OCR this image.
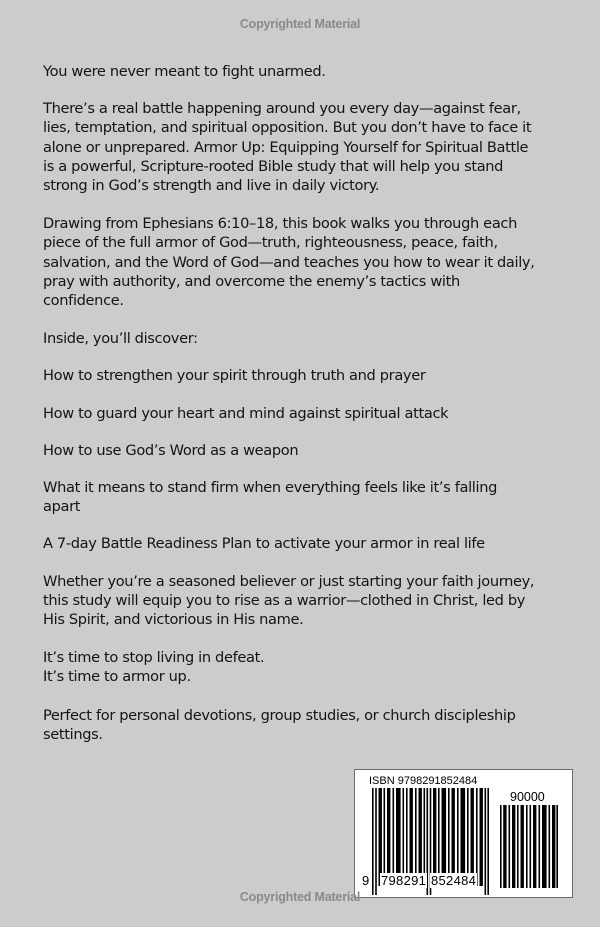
Copyrighted Material

You were never meant to fight unarmed.

There’s a real battle happening around you every day—against fear,
lies, temptation, and spiritual opposition. But you don’t have to face it
alone or unprepared. Armor Up: Equipping Yourself for Spiritual Battle
is a powerful, Scripture-rooted Bible study that will help you stand
strong in God’s strength and live in daily victory.

Drawing from Ephesians 6:10–18, this book walks you through each
piece of the full armor of God—truth, righteousness, peace, faith,
salvation, and the Word of God—and teaches you how to wear it daily,
pray with authority, and overcome the enemy’s tactics with
confidence.

Inside, you’ll discover:

How to strengthen your spirit through truth and prayer

How to guard your heart and mind against spiritual attack

How to use God’s Word as a weapon

What it means to stand firm when everything feels like it’s falling
apart

A 7-day Battle Readiness Plan to activate your armor in real life

Whether you’re a seasoned believer or just starting your faith journey,
this study will equip you to rise as a warrior—clothed in Christ, led by
His Spirit, and victorious in His name.

It’s time to stop living in defeat.
It’s time to armor up.

Perfect for personal devotions, group studies, or church discipleship
settings.

ISBN 9798291852484
90000
9 798291 852484
Copyrighted Material
